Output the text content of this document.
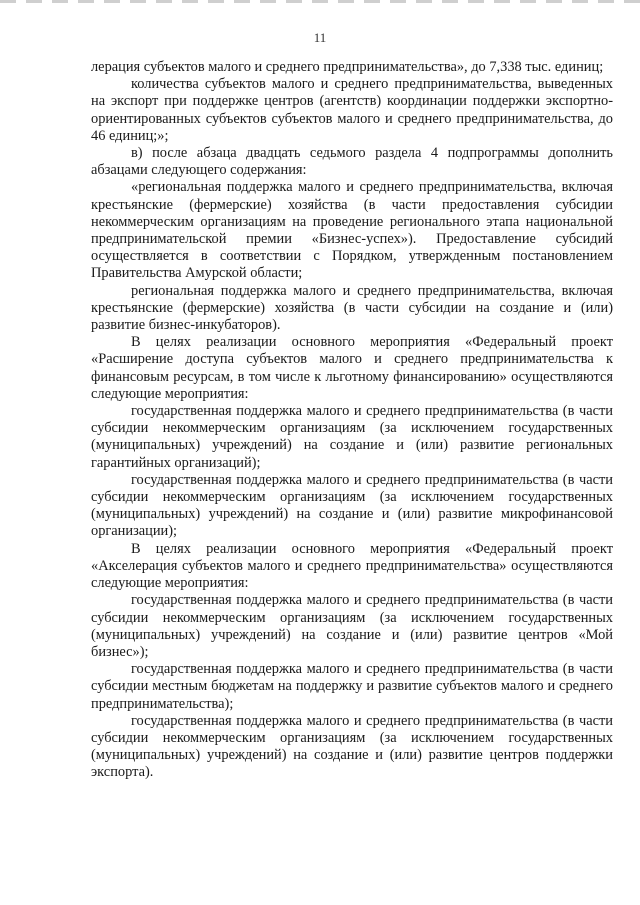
11

лерация субъектов малого и среднего предпринимательства», до 7,338 тыс. единиц;

количества субъектов малого и среднего предпринимательства, выведенных на экспорт при поддержке центров (агентств) координации поддержки экспортно-ориентированных субъектов субъектов малого и среднего предпринимательства, до 46 единиц;»;

в) после абзаца двадцать седьмого раздела 4 подпрограммы дополнить абзацами следующего содержания:

«региональная поддержка малого и среднего предпринимательства, включая крестьянские (фермерские) хозяйства (в части предоставления субсидии некоммерческим организациям на проведение регионального этапа национальной предпринимательской премии «Бизнес-успех»). Предоставление субсидий осуществляется в соответствии с Порядком, утвержденным постановлением Правительства Амурской области;

региональная поддержка малого и среднего предпринимательства, включая крестьянские (фермерские) хозяйства (в части субсидии на создание и (или) развитие бизнес-инкубаторов).

В целях реализации основного мероприятия «Федеральный проект «Расширение доступа субъектов малого и среднего предпринимательства к финансовым ресурсам, в том числе к льготному финансированию» осуществляются следующие мероприятия:

государственная поддержка малого и среднего предпринимательства (в части субсидии некоммерческим организациям (за исключением государственных (муниципальных) учреждений) на создание и (или) развитие региональных гарантийных организаций);

государственная поддержка малого и среднего предпринимательства (в части субсидии некоммерческим организациям (за исключением государственных (муниципальных) учреждений) на создание и (или) развитие микрофинансовой организации);

В целях реализации основного мероприятия «Федеральный проект «Акселерация субъектов малого и среднего предпринимательства» осуществляются следующие мероприятия:

государственная поддержка малого и среднего предпринимательства (в части субсидии некоммерческим организациям (за исключением государственных (муниципальных) учреждений) на создание и (или) развитие центров «Мой бизнес»);

государственная поддержка малого и среднего предпринимательства (в части субсидии местным бюджетам на поддержку и развитие субъектов малого и среднего предпринимательства);

государственная поддержка малого и среднего предпринимательства (в части субсидии некоммерческим организациям (за исключением государственных (муниципальных) учреждений) на создание и (или) развитие центров поддержки экспорта).
